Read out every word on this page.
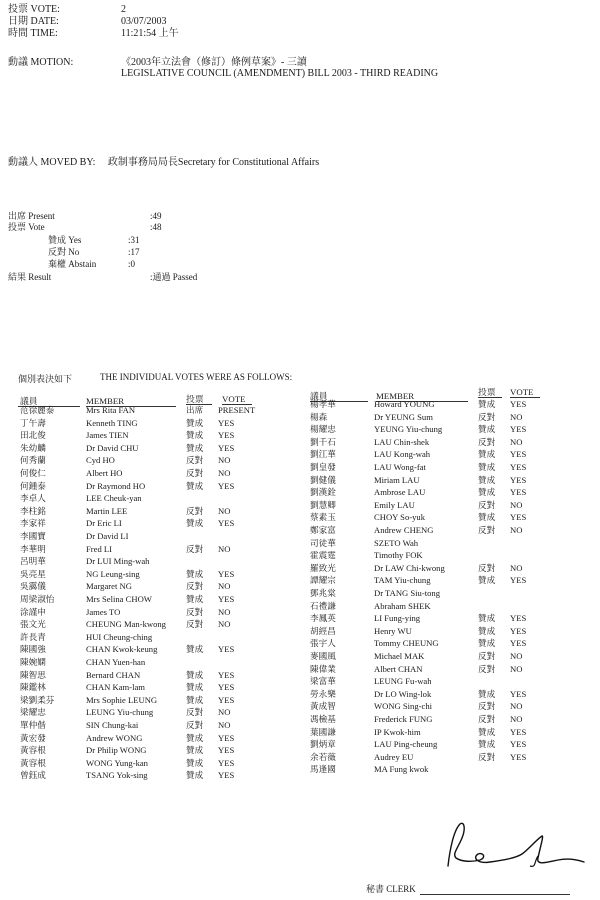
投票 VOTE:	2
日期 DATE:	03/07/2003
時間 TIME:	11:21:54 上午
動議 MOTION:	《2003年立法會（修訂）條例草案》- 三讀
LEGISLATIVE COUNCIL (AMENDMENT) BILL 2003 - THIRD READING
動議人 MOVED BY: 政制事務局局長Secretary for Constitutional Affairs
出席 Present	:49
投票 Vote	:48
贊成 Yes	:31
反對 No	:17
棄權 Abstain	:0
結果 Result	:通過 Passed
個別表決如下	THE INDIVIDUAL VOTES WERE AS FOLLOWS:
議員	MEMBER	投票 VOTE	議員	MEMBER	投票 VOTE
范徐麗泰	Mrs Rita FAN	出席	PRESENT
丁午壽	Kenneth TING	贊成	YES
田北俊	James TIEN	贊成	YES
朱幼麟	Dr David CHU	贊成	YES
何秀蘭	Cyd HO	反對	NO
何俊仁	Albert HO	反對	NO
何鍾泰	Dr Raymond HO	贊成	YES
李卓人	LEE Cheuk-yan
李柱銘	Martin LEE	反對	NO
李家祥	Dr Eric LI	贊成	YES
李國寶	Dr David LI
李華明	Fred LI	反對	NO
呂明華	Dr LUI Ming-wah
吳亮星	NG Leung-sing	贊成	YES
吳靄儀	Margaret NG	反對	NO
周梁淑怡	Mrs Selina CHOW	贊成	YES
涂謹申	James TO	反對	NO
張文光	CHEUNG Man-kwong	反對	NO
許長青	HUI Cheung-ching
陳國強	CHAN Kwok-keung	贊成	YES
陳婉嫻	CHAN Yuen-han
陳智思	Bernard CHAN	贊成	YES
陳鑑林	CHAN Kam-lam	贊成	YES
梁劉柔芬	Mrs Sophie LEUNG	贊成	YES
梁耀忠	LEUNG Yiu-chung	反對	NO
單仲偕	SIN Chung-kai	反對	NO
黃宏發	Andrew WONG	贊成	YES
黃容根	Dr Philip WONG	贊成	YES
黃容根	WONG Yung-kan	贊成	YES
曾鈺成	TSANG Yok-sing	贊成	YES
楊孝華	Howard YOUNG	贊成	YES
楊森	Dr YEUNG Sum	反對	NO
楊耀忠	YEUNG Yiu-chung	贊成	YES
劉千石	LAU Chin-shek	反對	NO
劉江華	LAU Kong-wah	贊成	YES
劉皇發	LAU Wong-fat	贊成	YES
劉健儀	Miriam LAU	贊成	YES
劉漢銓	Ambrose LAU	贊成	YES
劉慧卿	Emily LAU	反對	NO
蔡素玉	CHOY So-yuk	贊成	YES
鄭家富	Andrew CHENG	反對	NO
司徒華	SZETO Wah
霍震霆	Timothy FOK
羅致光	Dr LAW Chi-kwong	反對	NO
譚耀宗	TAM Yiu-chung	贊成	YES
鄧兆棠	Dr TANG Siu-tong
石禮謙	Abraham SHEK
李鳳英	LI Fung-ying	贊成	YES
胡經昌	Henry WU	贊成	YES
張宇人	Tommy CHEUNG	贊成	YES
麥國風	Michael MAK	反對	NO
陳偉業	Albert CHAN	反對	NO
梁富華	LEUNG Fu-wah
勞永樂	Dr LO Wing-lok	贊成	YES
黃成智	WONG Sing-chi	反對	NO
馮檢基	Frederick FUNG	反對	NO
葉國謙	IP Kwok-him	贊成	YES
劉炳章	LAU Ping-cheung	贊成	YES
余若薇	Audrey EU	反對	YES
馬逢國	MA Fung kwok
秘書 CLERK
